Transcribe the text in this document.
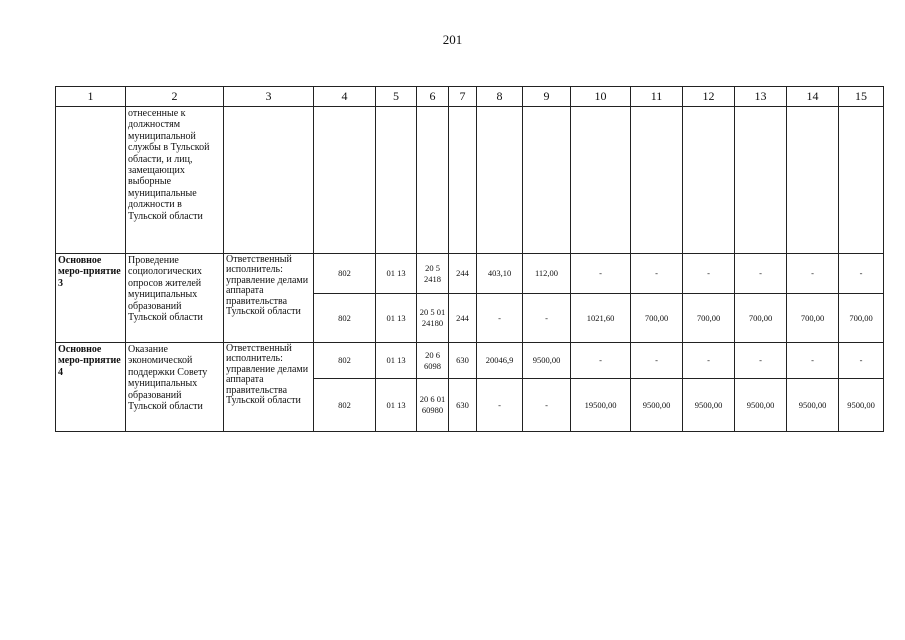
201
1	2	3	4	5	6	7	8	9	10	11	12	13	14	15
	отнесенные к должностям муниципальной службы в Тульской области, и лиц, замещающих выборные муниципальные должности в Тульской области													
Основное меро-приятие 3	Проведение социологических опросов жителей муниципальных образований Тульской области	Ответственный исполнитель: управление делами аппарата правительства Тульской области	802	01 13	20 5 2418	244	403,10	112,00	-	-	-	-	-	-
			802	01 13	20 5 01 24180	244	-	-	1021,60	700,00	700,00	700,00	700,00	700,00
Основное меро-приятие 4	Оказание экономической поддержки Совету муниципальных образований Тульской области	Ответственный исполнитель: управление делами аппарата правительства Тульской области	802	01 13	20 6 6098	630	20046,9	9500,00	-	-	-	-	-	-
			802	01 13	20 6 01 60980	630	-	-	19500,00	9500,00	9500,00	9500,00	9500,00	9500,00
